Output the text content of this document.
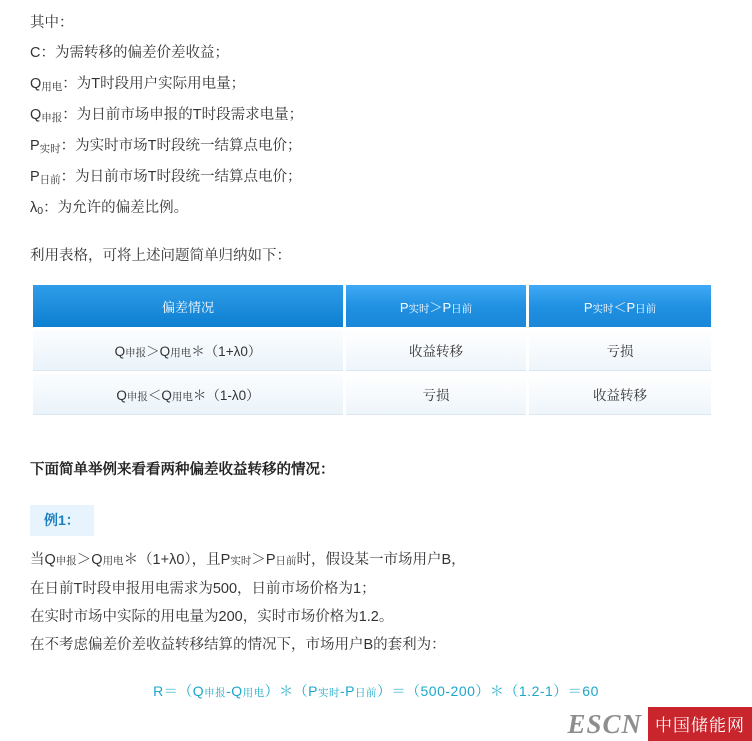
其中：
C：为需转移的偏差价差收益；
Q用电：为T时段用户实际用电量；
Q申报：为日前市场申报的T时段需求电量；
P实时：为实时市场T时段统一结算点电价；
P日前：为日前市场T时段统一结算点电价；
λ0：为允许的偏差比例。
利用表格，可将上述问题简单归纳如下：
偏差情况	P实时＞P日前	P实时＜P日前
Q申报＞Q用电＊（1+λ0）	收益转移	亏损
Q申报＜Q用电＊（1-λ0）	亏损	收益转移
下面简单举例来看看两种偏差收益转移的情况：
例1：
当Q申报＞Q用电＊（1+λ0），且P实时＞P日前时，假设某一市场用户B，
在日前T时段申报用电需求为500，日前市场价格为1；
在实时市场中实际的用电量为200，实时市场价格为1.2。
在不考虑偏差价差收益转移结算的情况下，市场用户B的套利为：
R＝（Q申报-Q用电）＊（P实时-P日前）＝（500-200）＊（1.2-1）＝60
ESCN 中国储能网
